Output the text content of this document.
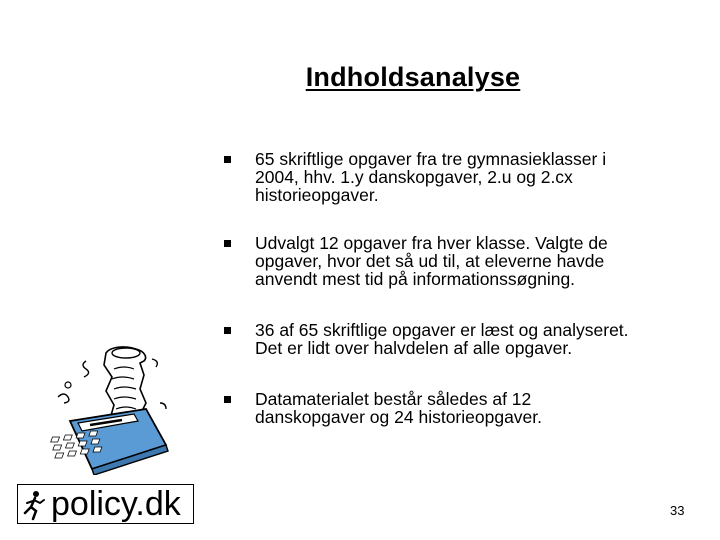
Indholdsanalyse
65 skriftlige opgaver fra tre gymnasieklasser i
2004, hhv. 1.y danskopgaver, 2.u og 2.cx
historieopgaver.
Udvalgt 12 opgaver fra hver klasse. Valgte de
opgaver, hvor det så ud til, at eleverne havde
anvendt mest tid på informationssøgning.
36 af 65 skriftlige opgaver er læst og analyseret.
Det er lidt over halvdelen af alle opgaver.
Datamaterialet består således af 12
danskopgaver og 24 historieopgaver.
policy.dk	33
